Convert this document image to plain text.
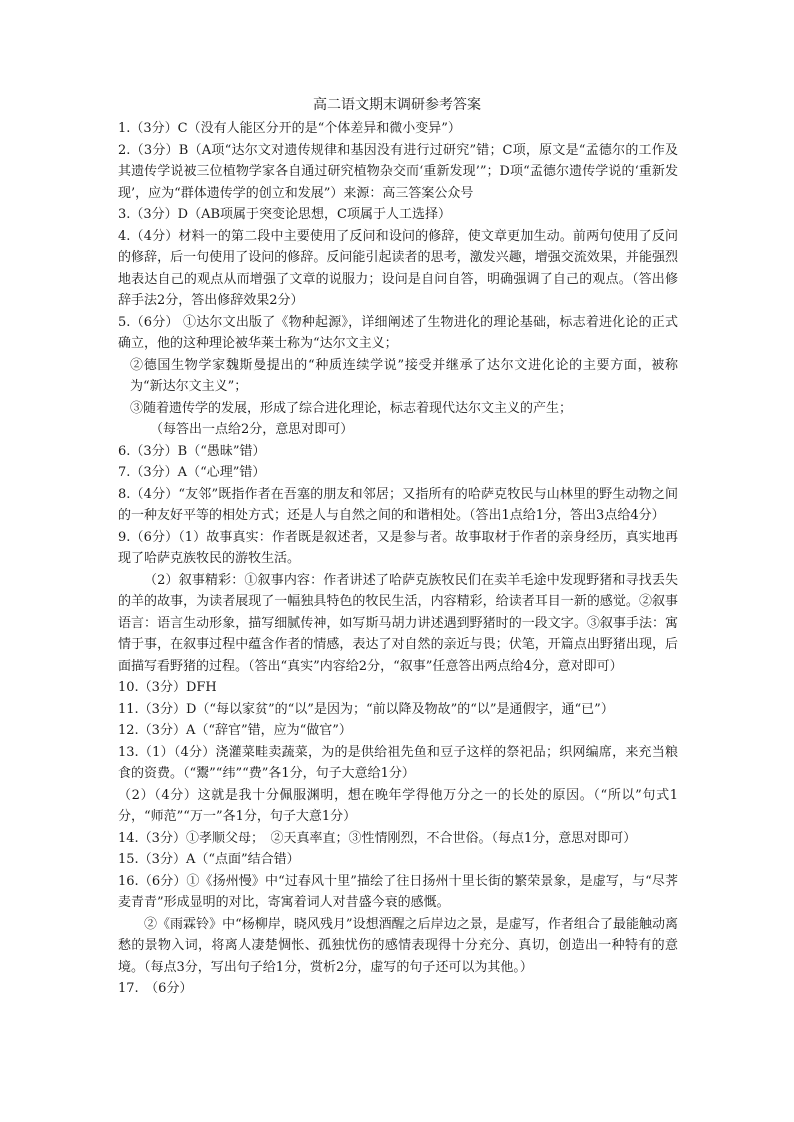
高二语文期末调研参考答案

1.（3分）C（没有人能区分开的是“个体差异和微小变异”）

2.（3分）B（A项“达尔文对遗传规律和基因没有进行过研究”错；C项，原文是“孟德尔的工作及其遗传学说被三位植物学家各自通过研究植物杂交而‘重新发现’”；D项“孟德尔遗传学说的‘重新发现’，应为“群体遗传学的创立和发展”）来源：高三答案公众号

3.（3分）D（AB项属于突变论思想，C项属于人工选择）

4.（4分）材料一的第二段中主要使用了反问和设问的修辞，使文章更加生动。前两句使用了反问的修辞，后一句使用了设问的修辞。反问能引起读者的思考，激发兴趣，增强交流效果，并能强烈地表达自己的观点从而增强了文章的说服力；设问是自问自答，明确强调了自己的观点。（答出修辞手法2分，答出修辞效果2分）

5.（6分） ①达尔文出版了《物种起源》，详细阐述了生物进化的理论基础，标志着进化论的正式确立，他的这种理论被华莱士称为“达尔文主义；

②德国生物学家魏斯曼提出的“种质连续学说”接受并继承了达尔文进化论的主要方面，被称为“新达尔文主义”；

③随着遗传学的发展，形成了综合进化理论，标志着现代达尔文主义的产生；

（每答出一点给2分，意思对即可）

6.（3分）B（“愚昧”错）

7.（3分）A（“心理”错）

8.（4分）“友邻”既指作者在吾塞的朋友和邻居；又指所有的哈萨克牧民与山林里的野生动物之间的一种友好平等的相处方式；还是人与自然之间的和谐相处。（答出1点给1分，答出3点给4分）

9.（6分）（1）故事真实：作者既是叙述者，又是参与者。故事取材于作者的亲身经历，真实地再现了哈萨克族牧民的游牧生活。

（2）叙事精彩：①叙事内容：作者讲述了哈萨克族牧民们在卖羊毛途中发现野猪和寻找丢失的羊的故事，为读者展现了一幅独具特色的牧民生活，内容精彩，给读者耳目一新的感觉。②叙事语言：语言生动形象，描写细腻传神，如写斯马胡力讲述遇到野猪时的一段文字。③叙事手法：寓情于事，在叙事过程中蕴含作者的情感，表达了对自然的亲近与畏；伏笔，开篇点出野猪出现，后面描写看野猪的过程。（答出“真实”内容给2分，“叙事”任意答出两点给4分，意对即可）

10.（3分）DFH

11.（3分）D（“每以家贫”的“以”是因为；“前以降及物故”的“以”是通假字，通“已”）

12.（3分）A（“辞官”错，应为“做官”）

13.（1）（4分）浇灌菜畦卖蔬菜，为的是供给祖先鱼和豆子这样的祭祀品；织网编席，来充当粮食的资费。（“鬻”“纬”“费”各1分，句子大意给1分）

（2）（4分）这就是我十分佩服渊明，想在晚年学得他万分之一的长处的原因。（“所以”句式1分，“师范”“万一”各1分，句子大意1分）

14.（3分）①孝顺父母；　②天真率直；③性情刚烈，不合世俗。（每点1分，意思对即可）

15.（3分）A（“点面”结合错）

16.（6分）①《扬州慢》中“过春风十里”描绘了往日扬州十里长街的繁荣景象，是虚写，与“尽荠麦青青”形成显明的对比，寄寓着词人对昔盛今衰的感慨。

②《雨霖铃》中“杨柳岸，晓风残月”设想酒醒之后岸边之景，是虚写，作者组合了最能触动离愁的景物入词，将离人凄楚惆怅、孤独忧伤的感情表现得十分充分、真切，创造出一种特有的意境。（每点3分，写出句子给1分，赏析2分，虚写的句子还可以为其他。）

17.　（6分）
